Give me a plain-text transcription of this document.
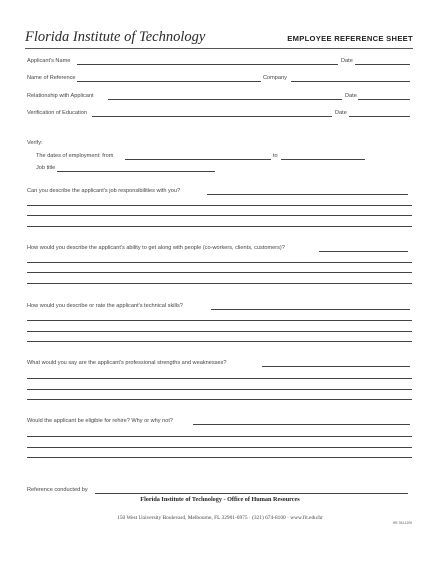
Florida Institute of Technology	EMPLOYEE REFERENCE SHEET
Applicant's Name	Date
Name of Reference	Company
Relationship with Applicant	Date
Verification of Education	Date
Verify:
The dates of employment: from	to
Job title
Can you describe the applicant's job responsibilities with you?
How would you describe the applicant's ability to get along with people (co-workers, clients, customers)?
How would you describe or rate the applicant's technical skills?
What would you say are the applicant's professional strengths and weaknesses?
Would the applicant be eligible for rehire? Why or why not?
Reference conducted by
Florida Institute of Technology - Office of Human Resources
150 West University Boulevard, Melbourne, FL 32901-6975 · (321) 674-8100 · www.fit.edu/hr
HR-784-1209
